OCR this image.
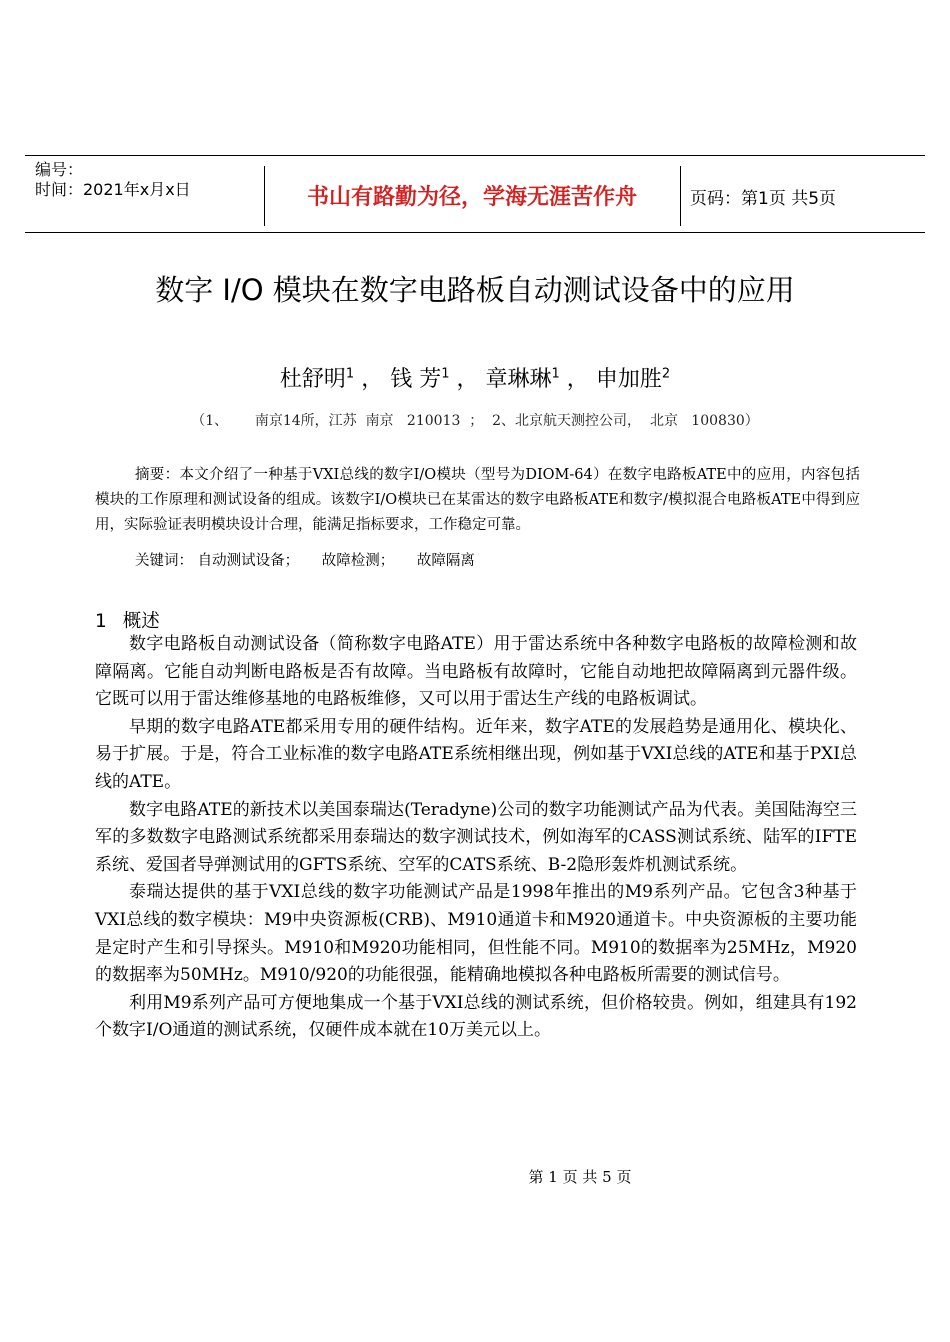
编号：
时间：2021年x月x日	书山有路勤为径，学海无涯苦作舟	页码：第1页 共5页
数字 I/O 模块在数字电路板自动测试设备中的应用
杜舒明$^1$ ， 钱 芳$^1$ ， 章琳琳$^1$ ， 申加胜$^2$
（1、      南京14所，江苏  南京   210013  ；  2、北京航天测控公司，  北京   100830）
摘要：本文介绍了一种基于VXI总线的数字I/O模块（型号为DIOM-64）在数字电路板ATE中的应用，内容包括模块的工作原理和测试设备的组成。该数字I/O模块已在某雷达的数字电路板ATE和数字/模拟混合电路板ATE中得到应用，实际验证表明模块设计合理，能满足指标要求，工作稳定可靠。
关键词： 自动测试设备； 故障检测； 故障隔离
1 概述

数字电路板自动测试设备（简称数字电路ATE）用于雷达系统中各种数字电路板的故障检测和故障隔离。它能自动判断电路板是否有故障。当电路板有故障时，它能自动地把故障隔离到元器件级。它既可以用于雷达维修基地的电路板维修，又可以用于雷达生产线的电路板调试。

早期的数字电路ATE都采用专用的硬件结构。近年来，数字ATE的发展趋势是通用化、模块化、易于扩展。于是，符合工业标准的数字电路ATE系统相继出现，例如基于VXI总线的ATE和基于PXI总线的ATE。

数字电路ATE的新技术以美国泰瑞达(Teradyne)公司的数字功能测试产品为代表。美国陆海空三军的多数数字电路测试系统都采用泰瑞达的数字测试技术，例如海军的CASS测试系统、陆军的IFTE系统、爱国者导弹测试用的GFTS系统、空军的CATS系统、B-2隐形轰炸机测试系统。

泰瑞达提供的基于VXI总线的数字功能测试产品是1998年推出的M9系列产品。它包含3种基于VXI总线的数字模块：M9中央资源板(CRB)、M910通道卡和M920通道卡。中央资源板的主要功能是定时产生和引导探头。M910和M920功能相同，但性能不同。M910的数据率为25MHz，M920的数据率为50MHz。M910/920的功能很强，能精确地模拟各种电路板所需要的测试信号。

利用M9系列产品可方便地集成一个基于VXI总线的测试系统，但价格较贵。例如，组建具有192个数字I/O通道的测试系统，仅硬件成本就在10万美元以上。

第 1 页 共 5 页
